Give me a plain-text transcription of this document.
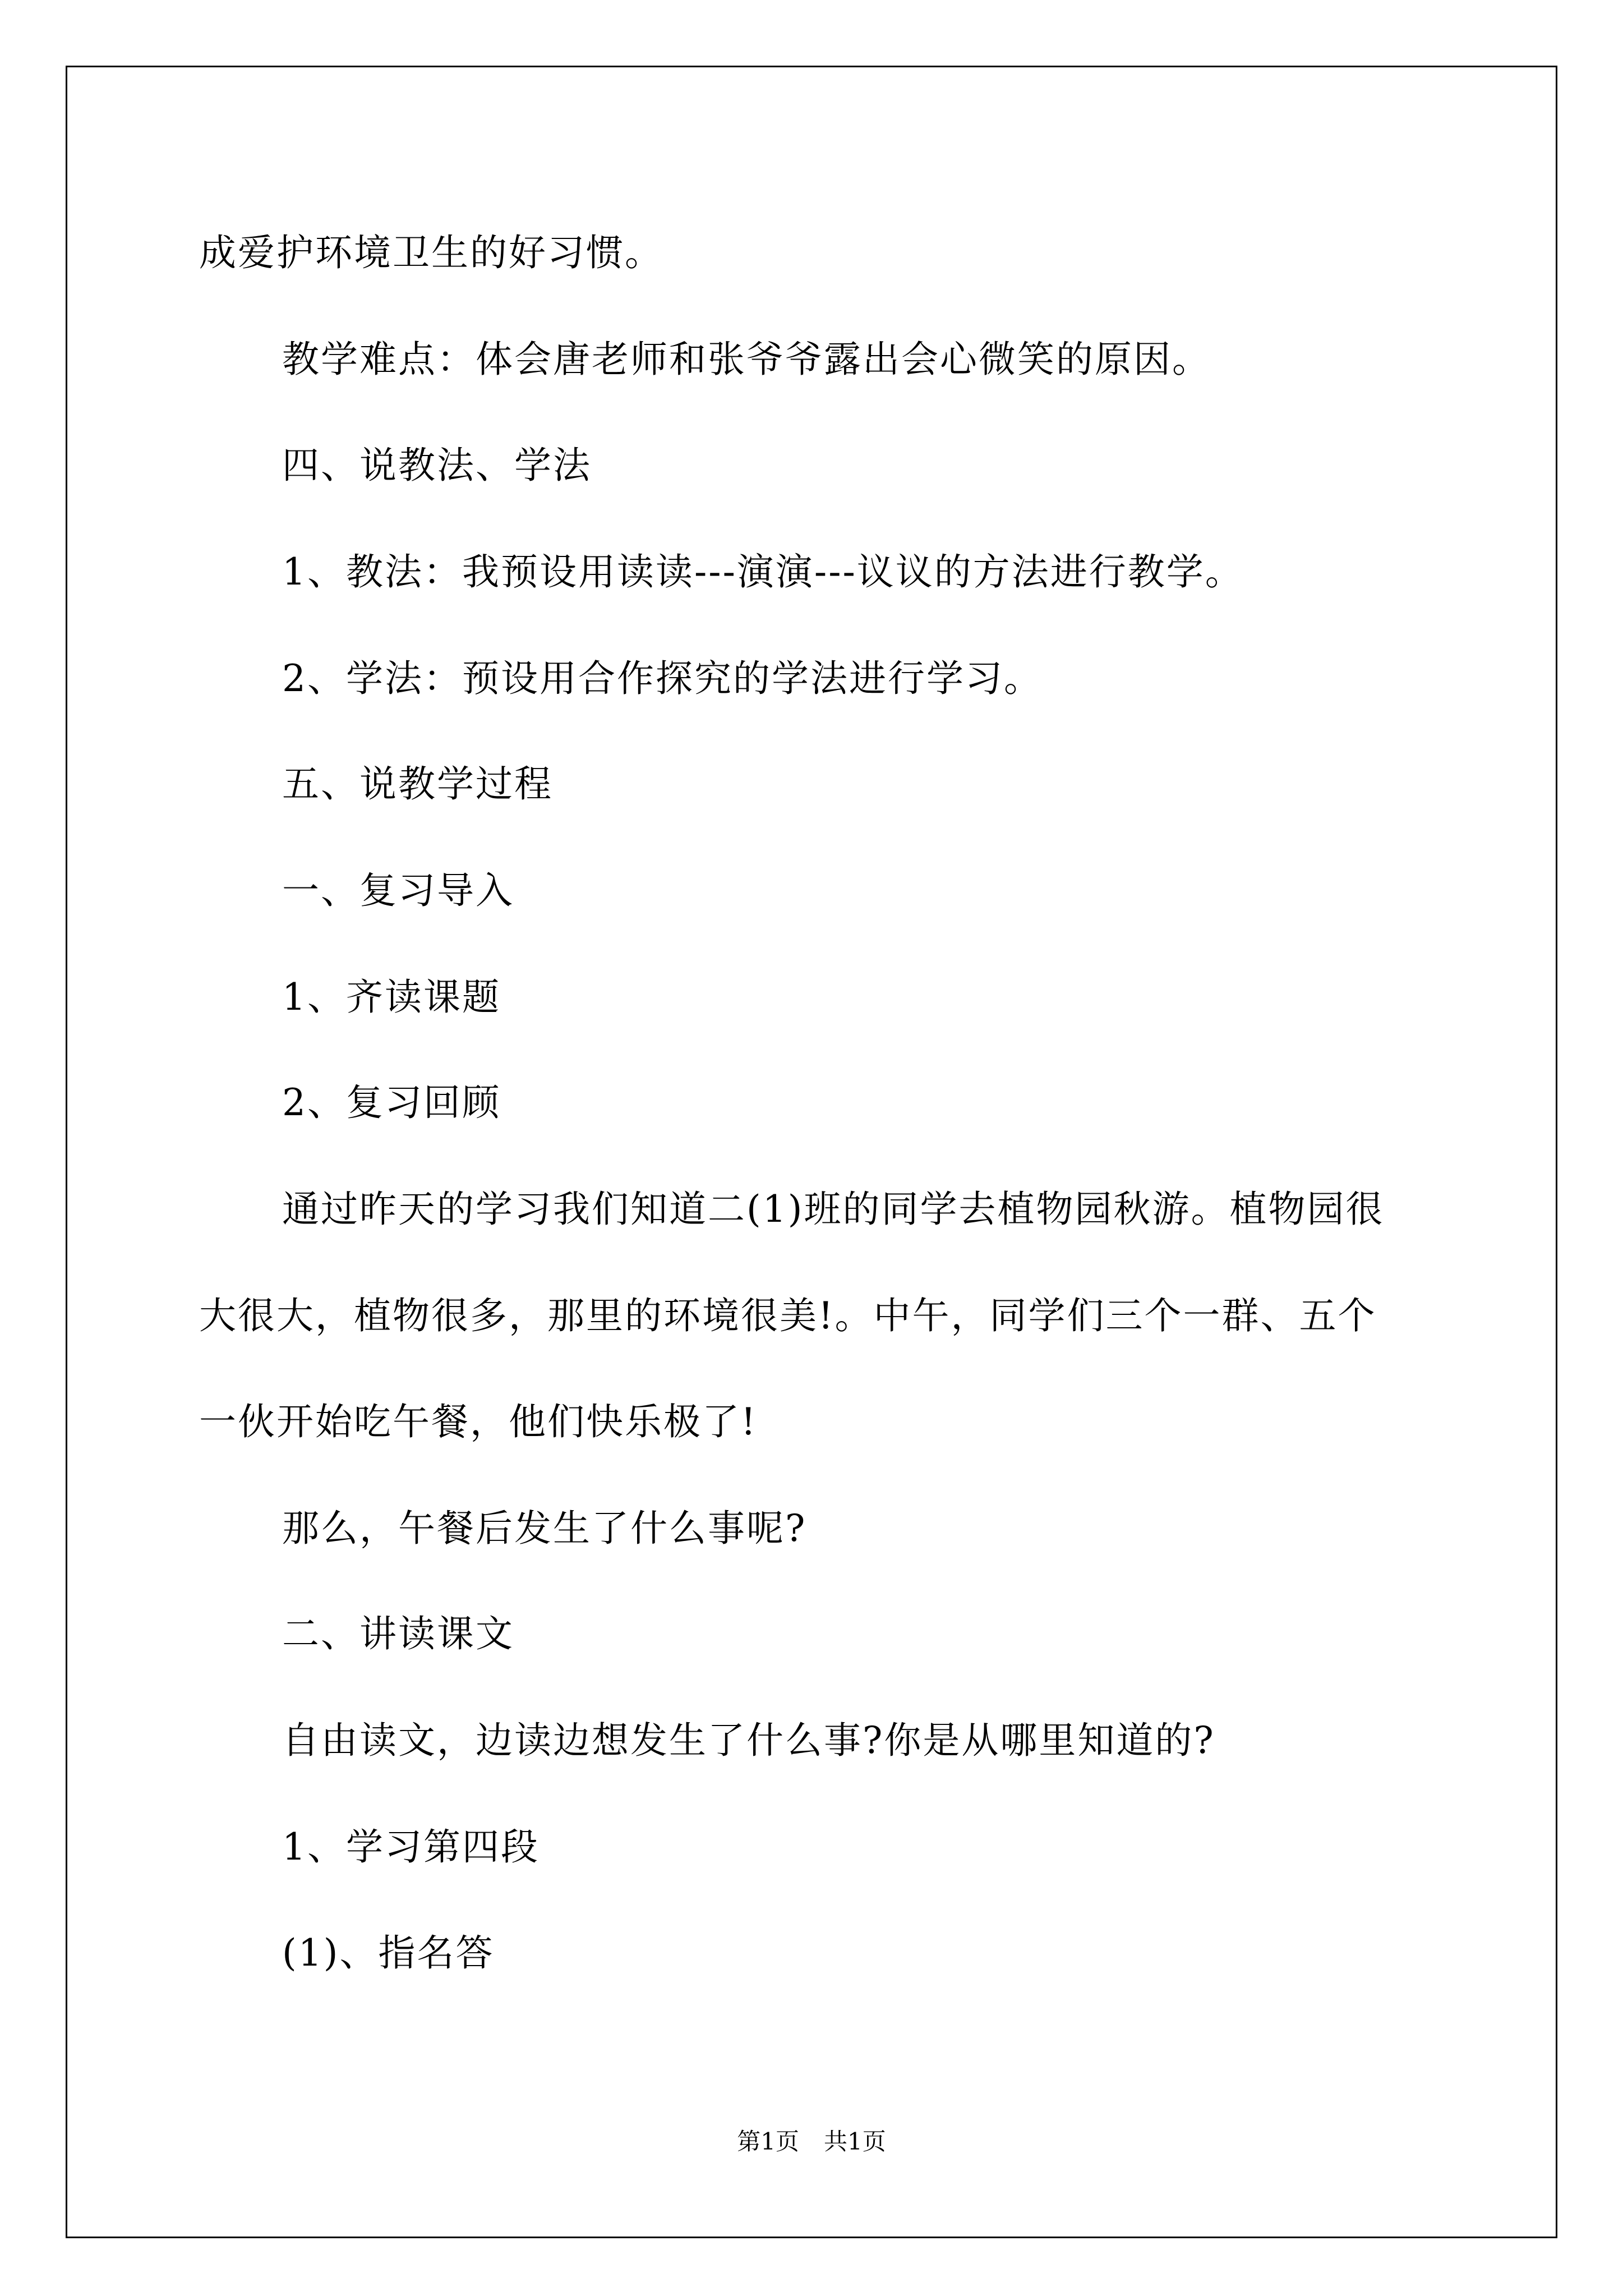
成爱护环境卫生的好习惯。
教学难点：体会唐老师和张爷爷露出会心微笑的原因。
四、说教法、学法
1、教法：我预设用读读---演演---议议的方法进行教学。
2、学法：预设用合作探究的学法进行学习。
五、说教学过程
一、复习导入
1、齐读课题
2、复习回顾
通过昨天的学习我们知道二(1)班的同学去植物园秋游。植物园很
大很大，植物很多，那里的环境很美!。中午，同学们三个一群、五个
一伙开始吃午餐，他们快乐极了!
那么，午餐后发生了什么事呢?
二、讲读课文
自由读文，边读边想发生了什么事?你是从哪里知道的?
1、学习第四段
(1)、指名答
第1页 共1页
